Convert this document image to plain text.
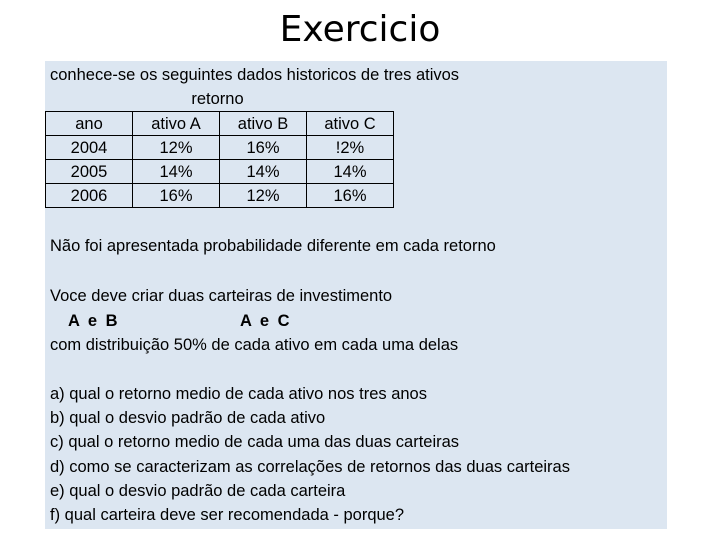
Exercicio
conhece-se os seguintes dados historicos de tres ativos
retorno
ano	ativo A	ativo B	ativo C
2004	12%	16%	!2%
2005	14%	14%	14%
2006	16%	12%	16%
Não foi apresentada probabilidade diferente em cada retorno
Voce deve criar duas carteiras de investimento
A e B	A e C
com distribuição 50% de cada ativo em cada uma delas
a) qual o retorno medio de cada ativo nos tres anos
b) qual o desvio padrão de cada ativo
c) qual o retorno medio de cada uma das duas carteiras
d) como se caracterizam as correlações de retornos das duas carteiras
e) qual o desvio padrão de cada carteira
f) qual carteira deve ser recomendada - porque?
